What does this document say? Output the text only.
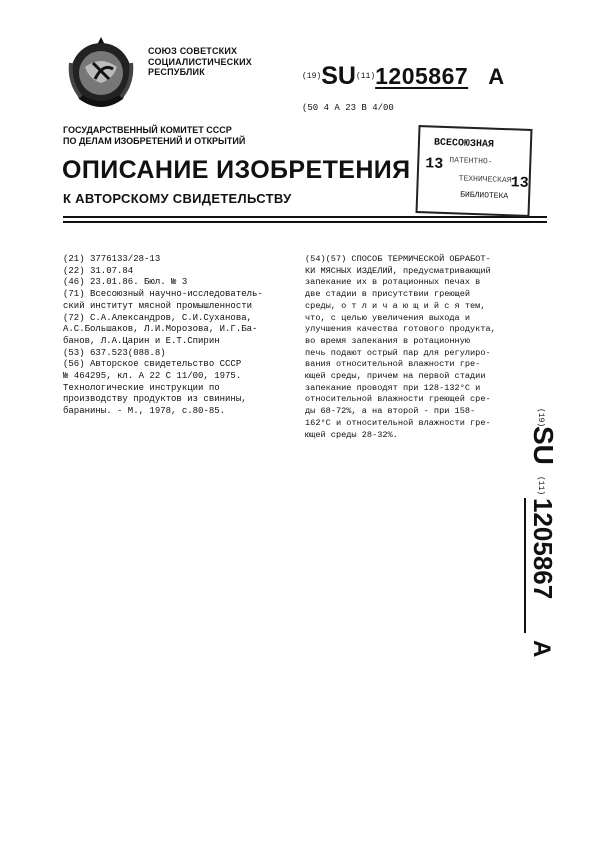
СОЮЗ СОВЕТСКИХ
СОЦИАЛИСТИЧЕСКИХ
РЕСПУБЛИК	$^{(19)}$SU$^{(11)}$1205867 A
(50 4 A 23 B 4/00
ГОСУДАРСТВЕННЫЙ КОМИТЕТ СССР
ПО ДЕЛАМ ИЗОБРЕТЕНИЙ И ОТКРЫТИЙ
ОПИСАНИЕ ИЗОБРЕТЕНИЯ
К АВТОРСКОМУ СВИДЕТЕЛЬСТВУ
ВСЕСОЮЗНАЯ
ПАТЕНТНО-
ТЕХНИЧЕСКАЯ
БИБЛИОТЕКА
13
13
(21) 3776133/28-13
(22) 31.07.84
(46) 23.01.86. Бюл. № 3
(71) Всесоюзный научно-исследователь-
ский институт мясной промышленности
(72) С.А.Александров, С.И.Суханова,
А.С.Большаков, Л.И.Морозова, И.Г.Ба-
банов, Л.А.Царин и Е.Т.Спирин
(53) 637.523(088.8)
(56) Авторское свидетельство СССР
№ 464295, кл. А 22 С 11/00, 1975.
Технологические инструкции по
производству продуктов из свинины,
баранины. - М., 1978, с.80-85.
(54)(57) СПОСОБ ТЕРМИЧЕСКОЙ ОБРАБОТ-
КИ МЯСНЫХ ИЗДЕЛИЙ, предусматривающий
запекание их в ротационных печах в
две стадии в присутствии греющей
среды, о т л и ч а ю щ и й с я тем,
что, с целью увеличения выхода и
улучшения качества готового продукта,
во время запекания в ротационную
печь подают острый пар для регулиро-
вания относительной влажности гре-
ющей среды, причем на первой стадии
запекание проводят при 128-132°С и
относительной влажности греющей сре-
ды 68-72%, а на второй - при 158-
162°С и относительной влажности гре-
ющей среды 28-32%.
(19)
SU
(11)
1205867
A
